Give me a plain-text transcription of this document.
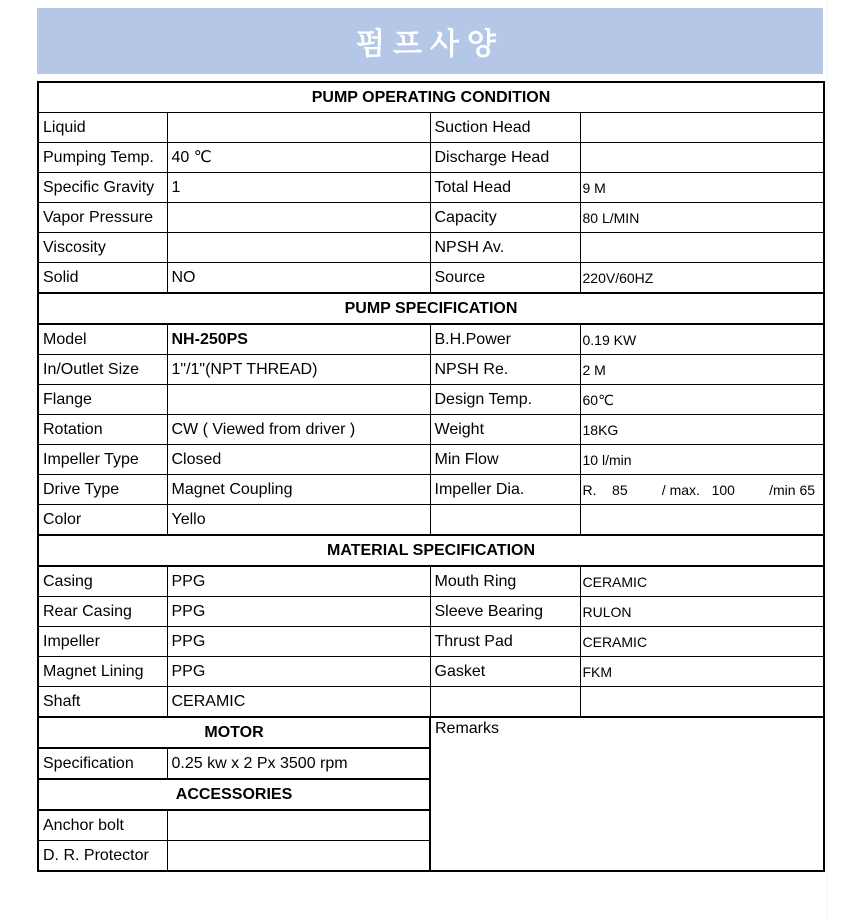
펌프사양
PUMP OPERATING CONDITION			
Liquid		Suction Head	
Pumping Temp.	40 ℃	Discharge Head	
Specific Gravity	1	Total Head	9 M
Vapor Pressure		Capacity	80 L/MIN
Viscosity		NPSH Av.	
Solid	NO	Source	220V/60HZ
PUMP SPECIFICATION			
Model	NH-250PS	B.H.Power	0.19 KW
In/Outlet Size	1"/1"(NPT THREAD)	NPSH Re.	2 M
Flange		Design Temp.	60℃
Rotation	CW ( Viewed from driver )	Weight	18KG
Impeller Type	Closed	Min Flow	10 l/min
Drive Type	Magnet Coupling	Impeller Dia.	R.    85 / max.   100 /min 65

Color	Yello		
MATERIAL SPECIFICATION			
Casing	PPG	Mouth Ring	CERAMIC
Rear Casing	PPG	Sleeve Bearing	RULON
Impeller	PPG	Thrust Pad	CERAMIC
Magnet Lining	PPG	Gasket	FKM
Shaft	CERAMIC		
MOTOR		Remarks	
Specification	0.25 kw x 2 Px 3500 rpm		
ACCESSORIES			
Anchor bolt			
D. R. Protector			
